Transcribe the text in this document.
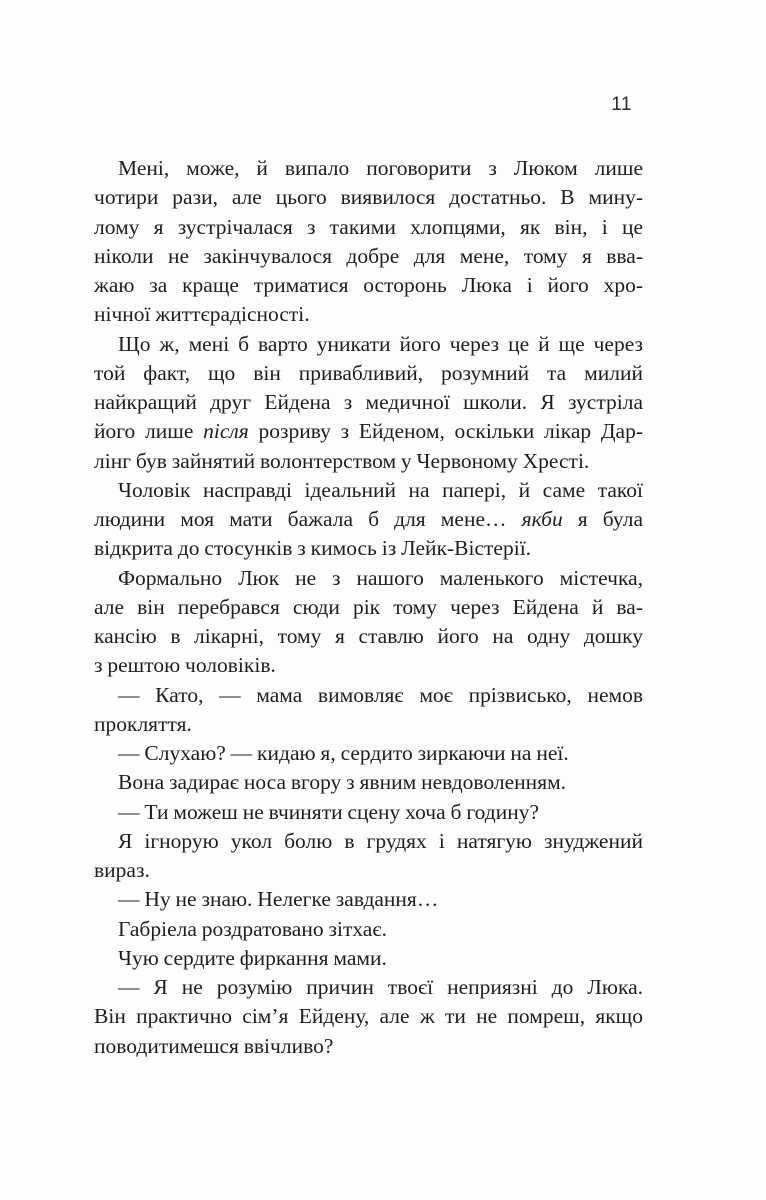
11
Мені, може, й випало поговорити з Люком лише
чотири рази, але цього виявилося достатньо. В мину-
лому я зустрічалася з такими хлопцями, як він, і це
ніколи не закінчувалося добре для мене, тому я вва-
жаю за краще триматися осторонь Люка і його хро-
нічної життєрадісності.
Що ж, мені б варто уникати його через це й ще через
той факт, що він привабливий, розумний та милий
найкращий друг Ейдена з медичної школи. Я зустріла
його лише після розриву з Ейденом, оскільки лікар Дар-
лінг був зайнятий волонтерством у Червоному Хресті.
Чоловік насправді ідеальний на папері, й саме такої
людини моя мати бажала б для мене… якби я була
відкрита до стосунків з кимось із Лейк-Вістерії.
Формально Люк не з нашого маленького містечка,
але він перебрався сюди рік тому через Ейдена й ва-
кансію в лікарні, тому я ставлю його на одну дошку
з рештою чоловіків.
— Като, — мама вимовляє моє прізвисько, немов
прокляття.
— Слухаю? — кидаю я, сердито зиркаючи на неї.
Вона задирає носа вгору з явним невдоволенням.
— Ти можеш не вчиняти сцену хоча б годину?
Я ігнорую укол болю в грудях і натягую знуджений
вираз.
— Ну не знаю. Нелегке завдання…
Габріела роздратовано зітхає.
Чую сердите фиркання мами.
— Я не розумію причин твоєї неприязні до Люка.
Він практично сім’я Ейдену, але ж ти не помреш, якщо
поводитимешся ввічливо?
